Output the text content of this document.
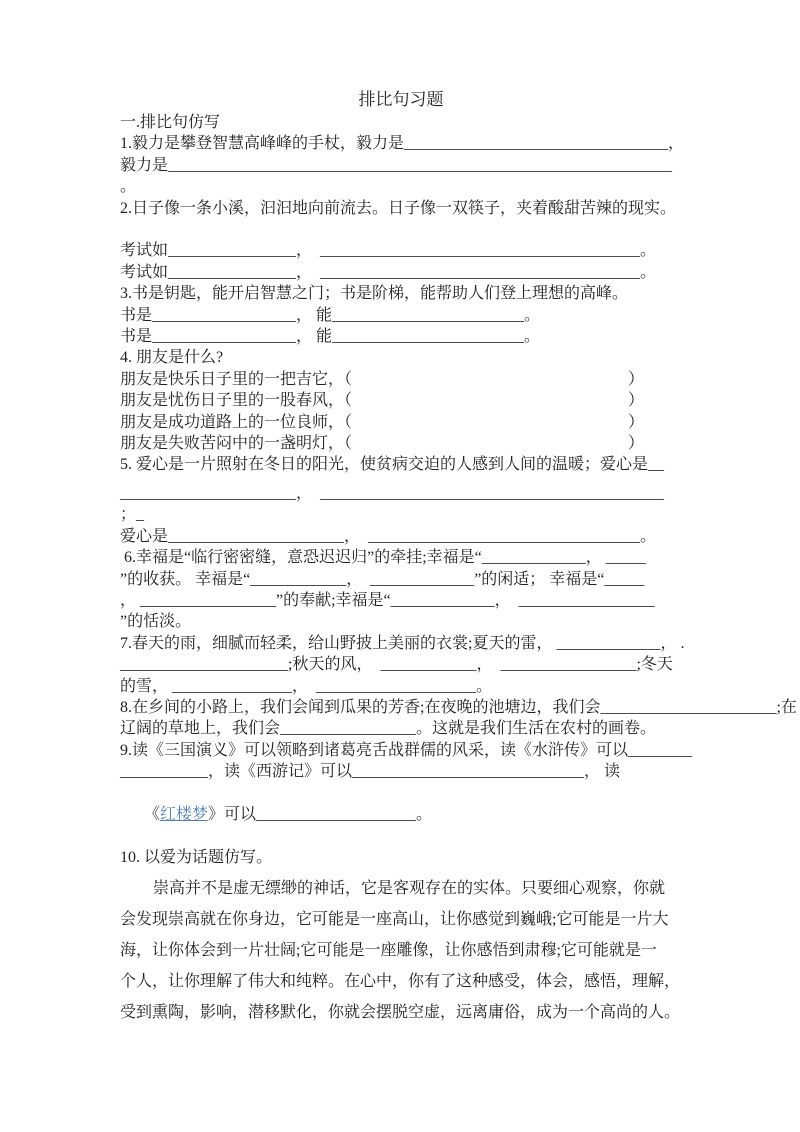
排比句习题
一.排比句仿写
1.毅力是攀登智慧高峰峰的手杖，毅力是_________________________________，
毅力是_______________________________________________________________
。
2.日子像一条小溪，汩汩地向前流去。日子像一双筷子，夹着酸甜苦辣的现实。
考试如________________，  ________________________________________。
考试如________________，  ________________________________________。
3.书是钥匙，能开启智慧之门；书是阶梯，能帮助人们登上理想的高峰。
书是__________________， 能________________________。
书是__________________， 能________________________。
4. 朋友是什么?
朋友是快乐日子里的一把吉它，（                                                                     ）
朋友是忧伤日子里的一股春风，（                                                                     ）
朋友是成功道路上的一位良师，（                                                                     ）
朋友是失败苦闷中的一盏明灯，（                                                                     ）
5. 爱心是一片照射在冬日的阳光，使贫病交迫的人感到人间的温暖；爱心是__
______________________，  ___________________________________________
；_
爱心是______________________，  __________________________________。
6.幸福是“临行密密缝，意恐迟迟归”的牵挂;幸福是“_____________， _____
”的收获。 幸福是“____________，  _____________”的闲适； 幸福是“_____
， _________________”的奉献;幸福是“_____________，  _________________
”的恬淡。
7.春天的雨，细腻而轻柔，给山野披上美丽的衣裳;夏天的雷， _____________， .
_____________________;秋天的风，  ____________，  _________________;冬天
的雪， _______________，  ____________________。
8.在乡间的小路上，我们会闻到瓜果的芳香;在夜晚的池塘边，我们会______________________;在
辽阔的草地上，我们会_________________。这就是我们生活在农村的画卷。
9.读《三国演义》可以领略到诸葛亮舌战群儒的风采，读《水浒传》可以________
___________，读《西游记》可以_____________________________， 读

《红楼梦》可以____________________。

10. 以爱为话题仿写。
崇高并不是虚无缥缈的神话，它是客观存在的实体。只要细心观察，你就
会发现崇高就在你身边，它可能是一座高山，让你感觉到巍峨;它可能是一片大
海，让你体会到一片壮阔;它可能是一座雕像，让你感悟到肃穆;它可能就是一
个人，让你理解了伟大和纯粹。在心中，你有了这种感受，体会，感悟，理解，
受到熏陶，影响，潜移默化，你就会摆脱空虚，远离庸俗，成为一个高尚的人。
